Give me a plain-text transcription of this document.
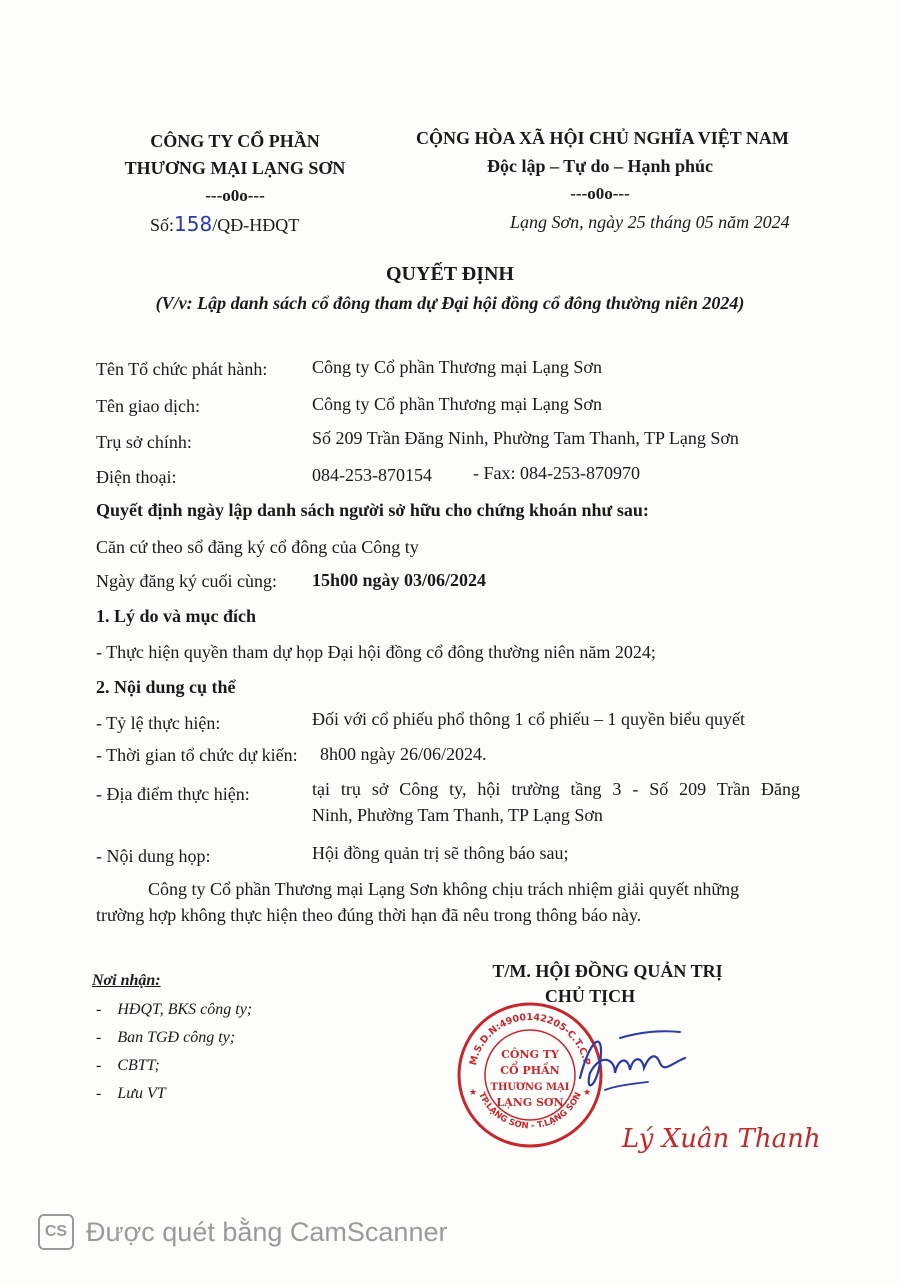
CÔNG TY CỔ PHẦN
THƯƠNG MẠI LẠNG SƠN
---o0o---
Số:158/QĐ-HĐQT
CỘNG HÒA XÃ HỘI CHỦ NGHĨA VIỆT NAM
Độc lập – Tự do – Hạnh phúc
---o0o---
Lạng Sơn, ngày 25 tháng 05 năm 2024
QUYẾT ĐỊNH
(V/v: Lập danh sách cổ đông tham dự Đại hội đồng cổ đông thường niên 2024)
Tên Tổ chức phát hành: Công ty Cổ phần Thương mại Lạng Sơn
Tên giao dịch:	Công ty Cổ phần Thương mại Lạng Sơn
Trụ sở chính:	Số 209 Trần Đăng Ninh, Phường Tam Thanh, TP Lạng Sơn
Điện thoại:	084-253-870154 - Fax: 084-253-870970
Quyết định ngày lập danh sách người sở hữu cho chứng khoán như sau:
Căn cứ theo sổ đăng ký cổ đông của Công ty
Ngày đăng ký cuối cùng: 15h00 ngày 03/06/2024
1. Lý do và mục đích
- Thực hiện quyền tham dự họp Đại hội đồng cổ đông thường niên năm 2024;
2. Nội dung cụ thể
- Tỷ lệ thực hiện:	Đối với cổ phiếu phổ thông 1 cổ phiếu – 1 quyền biểu quyết
- Thời gian tổ chức dự kiến: 8h00 ngày 26/06/2024.
- Địa điểm thực hiện:	tại trụ sở Công ty, hội trường tầng 3 - Số 209 Trần Đăng
Ninh, Phường Tam Thanh, TP Lạng Sơn
- Nội dung họp:	Hội đồng quản trị sẽ thông báo sau;
Công ty Cổ phần Thương mại Lạng Sơn không chịu trách nhiệm giải quyết những
trường hợp không thực hiện theo đúng thời hạn đã nêu trong thông báo này.
Nơi nhận:
- HĐQT, BKS công ty;
- Ban TGĐ công ty;
- CBTT;
- Lưu VT
T/M. HỘI ĐỒNG QUẢN TRỊ
CHỦ TỊCH
M.S.D.N:4900142205-C.T.C.P
TP.LẠNG SƠN - T.LẠNG SƠN
CÔNG TY
CỔ PHẦN
THƯƠNG MẠI
LẠNG SƠN
★	★
Lý Xuân Thanh
CS Được quét bằng CamScanner
